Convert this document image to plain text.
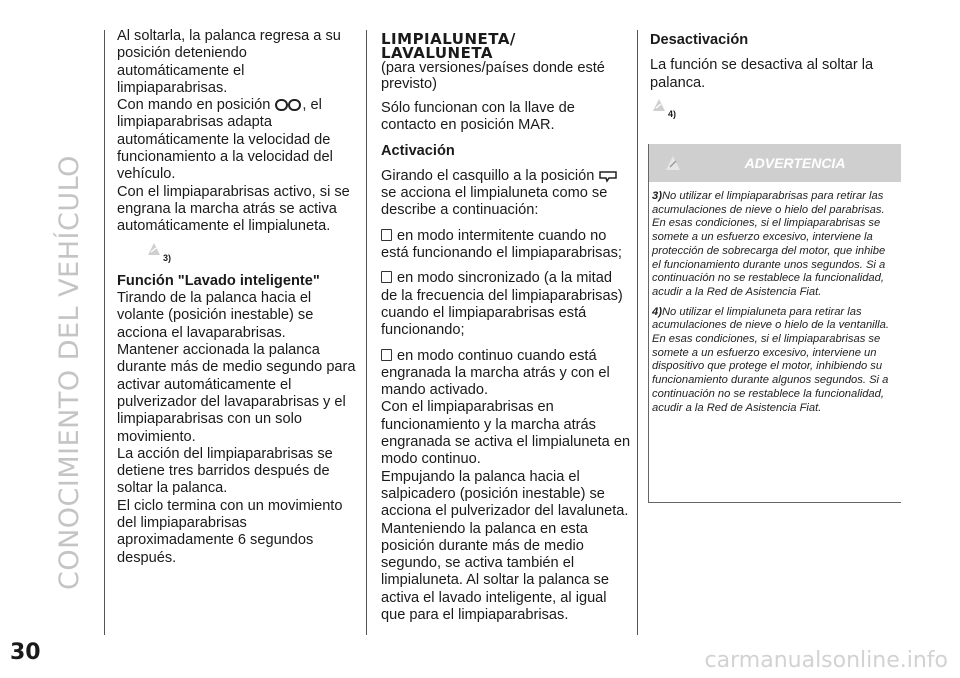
CONOCIMIENTO DEL VEHÍCULO

Al soltarla, la palanca regresa a su posición deteniendo automáticamente el limpiaparabrisas.

Con mando en posición , el limpiaparabrisas adapta automáticamente la velocidad de funcionamiento a la velocidad del vehículo.

Con el limpiaparabrisas activo, si se engrana la marcha atrás se activa automáticamente el limpialuneta.

3)

Función "Lavado inteligente"

Tirando de la palanca hacia el volante (posición inestable) se acciona el lavaparabrisas.

Mantener accionada la palanca durante más de medio segundo para activar automáticamente el pulverizador del lavaparabrisas y el limpiaparabrisas con un solo movimiento.

La acción del limpiaparabrisas se detiene tres barridos después de soltar la palanca.

El ciclo termina con un movimiento del limpiaparabrisas aproximadamente 6 segundos después.

LIMPIALUNETA/

LAVALUNETA

(para versiones/países donde esté previsto)

Sólo funcionan con la llave de contacto en posición MAR.

Activación

Girando el casquillo a la posición se acciona el limpialuneta como se describe a continuación:

en modo intermitente cuando no está funcionando el limpiaparabrisas;

en modo sincronizado (a la mitad de la frecuencia del limpiaparabrisas) cuando el limpiaparabrisas está funcionando;

en modo continuo cuando está engranada la marcha atrás y con el mando activado.

Con el limpiaparabrisas en funcionamiento y la marcha atrás engranada se activa el limpialuneta en modo continuo.

Empujando la palanca hacia el salpicadero (posición inestable) se acciona el pulverizador del lavaluneta. Manteniendo la palanca en esta posición durante más de medio segundo, se activa también el limpialuneta. Al soltar la palanca se activa el lavado inteligente, al igual que para el limpiaparabrisas.

Desactivación

La función se desactiva al soltar la palanca.

4)
ADVERTENCIA

3)No utilizar el limpiaparabrisas para retirar las acumulaciones de nieve o hielo del parabrisas. En esas condiciones, si el limpiaparabrisas se somete a un esfuerzo excesivo, interviene la protección de sobrecarga del motor, que inhibe el funcionamiento durante unos segundos. Si a continuación no se restablece la funcionalidad, acudir a la Red de Asistencia Fiat.

4)No utilizar el limpialuneta para retirar las acumulaciones de nieve o hielo de la ventanilla. En esas condiciones, si el limpiaparabrisas se somete a un esfuerzo excesivo, interviene un dispositivo que protege el motor, inhibiendo su funcionamiento durante algunos segundos. Si a continuación no se restablece la funcionalidad, acudir a la Red de Asistencia Fiat.

30	carmanualsonline.info
